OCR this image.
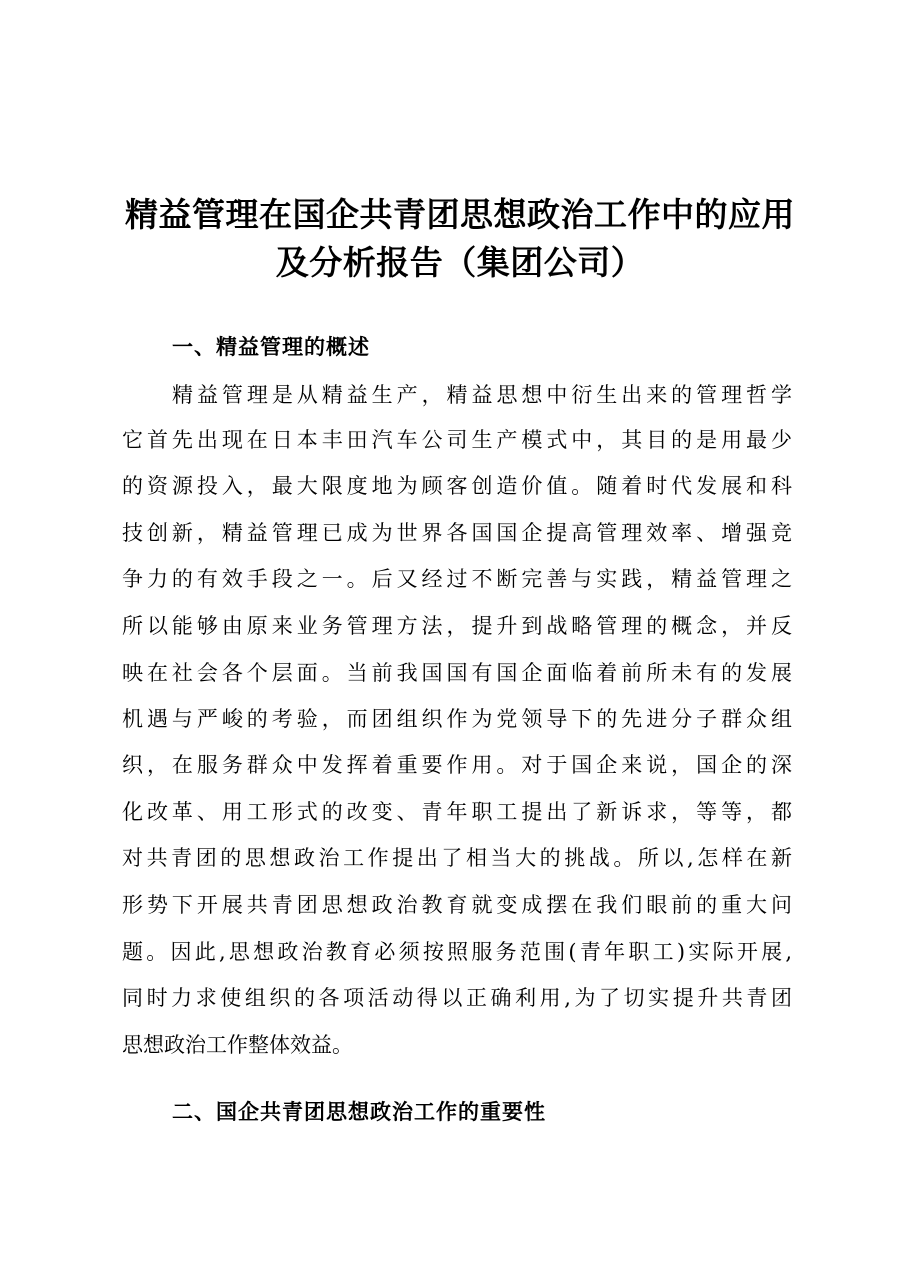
精益管理在国企共青团思想政治工作中的应用
及分析报告（集团公司）
一、精益管理的概述

精益管理是从精益生产，精益思想中衍生出来的管理哲学

它首先出现在日本丰田汽车公司生产模式中，其目的是用最少

的资源投入，最大限度地为顾客创造价值。随着时代发展和科

技创新，精益管理已成为世界各国国企提高管理效率、增强竞

争力的有效手段之一。后又经过不断完善与实践，精益管理之

所以能够由原来业务管理方法，提升到战略管理的概念，并反

映在社会各个层面。当前我国国有国企面临着前所未有的发展

机遇与严峻的考验，而团组织作为党领导下的先进分子群众组

织，在服务群众中发挥着重要作用。对于国企来说，国企的深

化改革、用工形式的改变、青年职工提出了新诉求，等等，都

对共青团的思想政治工作提出了相当大的挑战。所以,怎样在新

形势下开展共青团思想政治教育就变成摆在我们眼前的重大问

题。因此,思想政治教育必须按照服务范围(青年职工)实际开展,

同时力求使组织的各项活动得以正确利用,为了切实提升共青团

思想政治工作整体效益。

二、国企共青团思想政治工作的重要性
